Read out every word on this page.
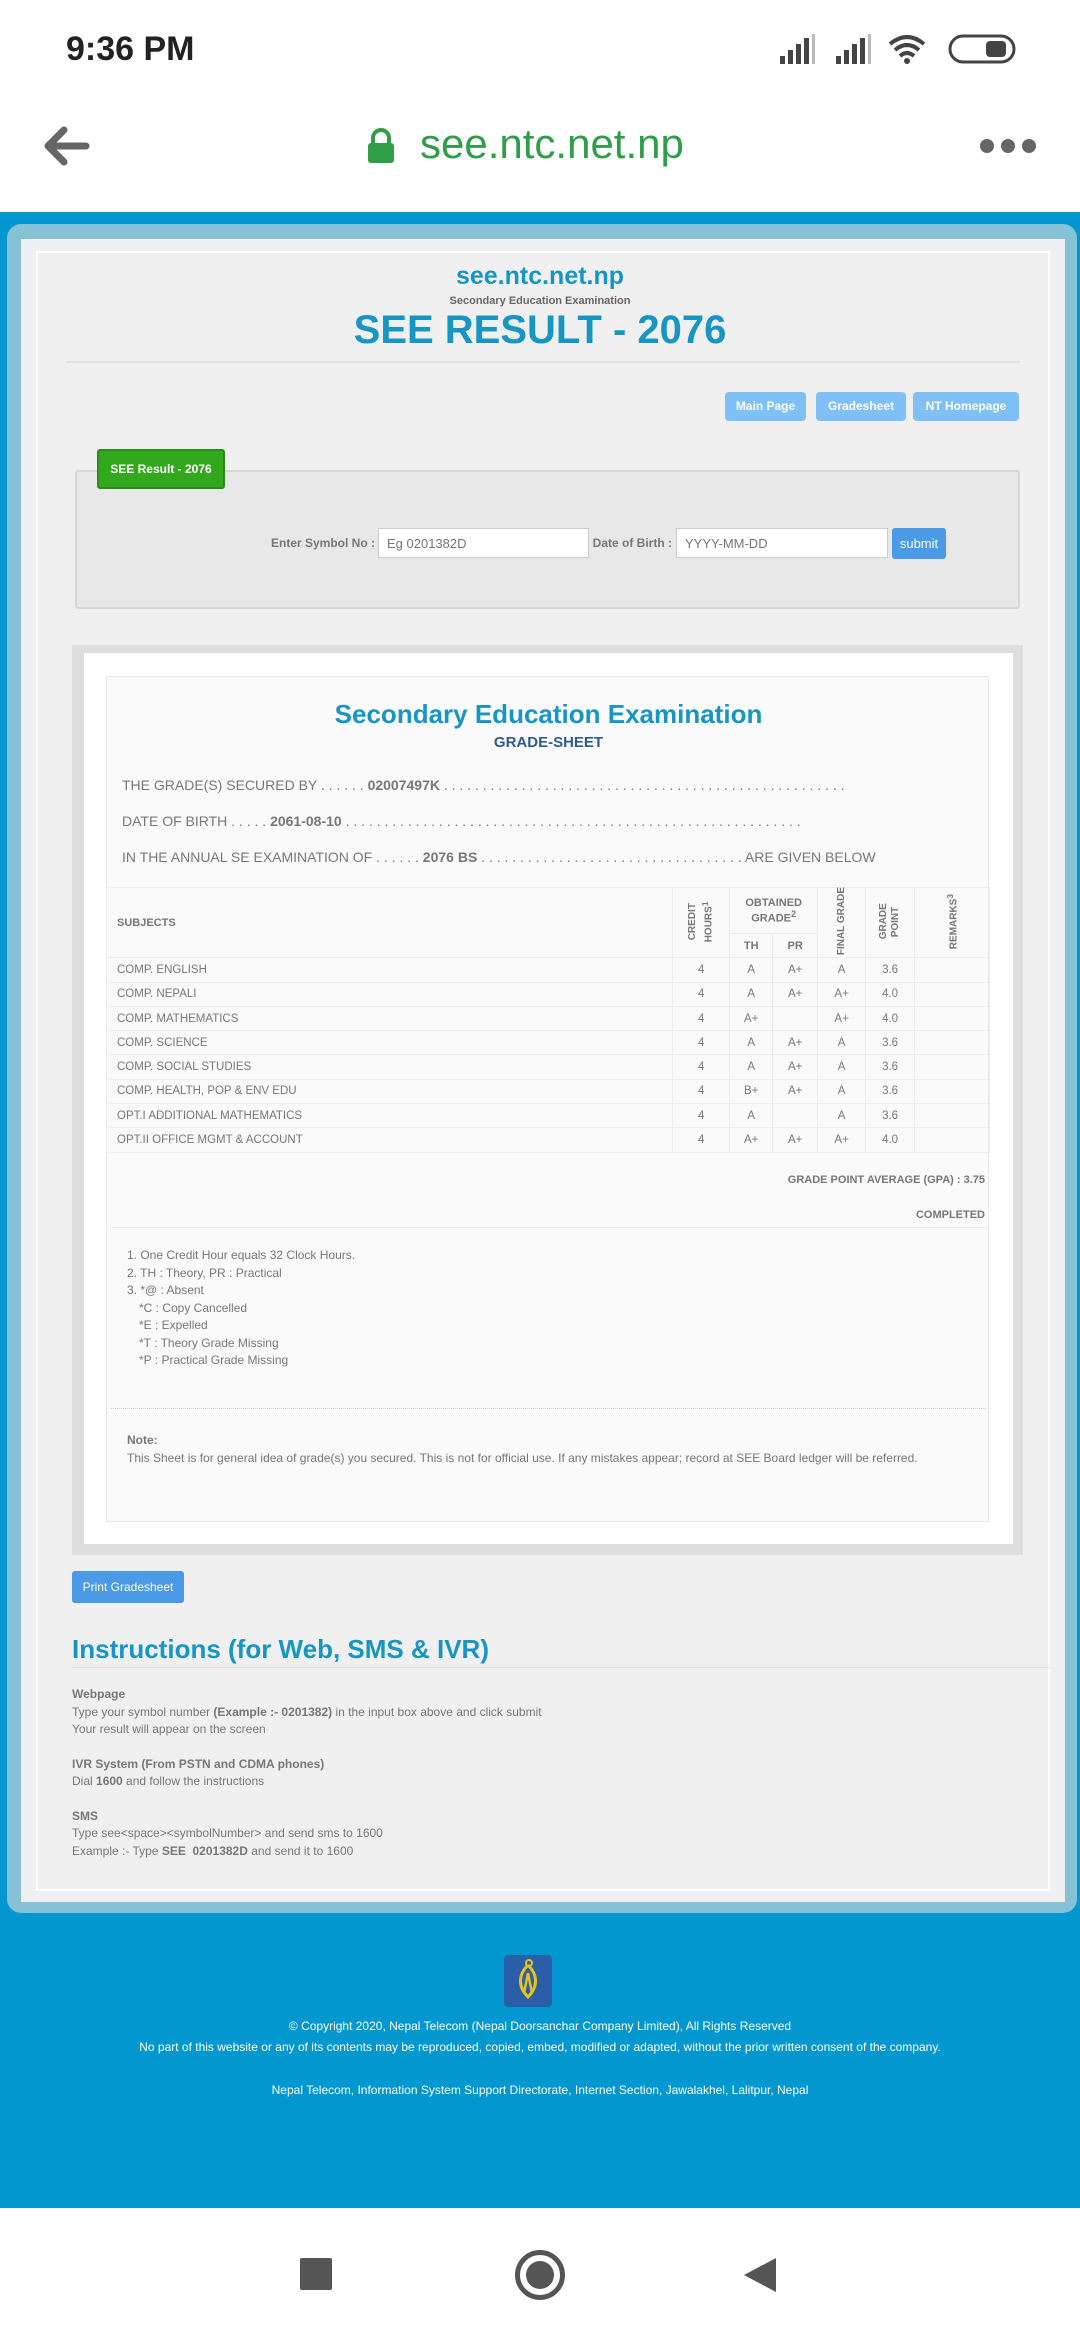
9:36 PM
see.ntc.net.np
see.ntc.net.np
Secondary Education Examination
SEE RESULT - 2076
Main Page	Gradesheet	NT Homepage
SEE Result - 2076
Enter Symbol No :
Eg 0201382D	Date of Birth :
YYYY-MM-DD	submit
Secondary Education Examination
GRADE-SHEET
THE GRADE(S) SECURED BY . . . . . . 02007497K . . . . . . . . . . . . . . . . . . . . . . . . . . . . . . . . . . . . . . . . . . . . . . . . . . . .
DATE OF BIRTH . . . . . 2061-08-10 . . . . . . . . . . . . . . . . . . . . . . . . . . . . . . . . . . . . . . . . . . . . . . . . . . . . . . . . . . .
IN THE ANNUAL SE EXAMINATION OF . . . . . . 2076 BS . . . . . . . . . . . . . . . . . . . . . . . . . . . . . . . . . . ARE GIVEN BELOW
SUBJECTS	CREDIT HOURS$^1$	OBTAINED GRADE$^2$		FINAL GRADE	GRADE POINT	REMARKS$^3$
		TH	PR			
COMP. ENGLISH	4	A	A+	A	3.6	
COMP. NEPALI	4	A	A+	A+	4.0	
COMP. MATHEMATICS	4	A+		A+	4.0	
COMP. SCIENCE	4	A	A+	A	3.6	
COMP. SOCIAL STUDIES	4	A	A+	A	3.6	
COMP. HEALTH, POP & ENV EDU	4	B+	A+	A	3.6	
OPT.I ADDITIONAL MATHEMATICS	4	A		A	3.6	
OPT.II OFFICE MGMT & ACCOUNT	4	A+	A+	A+	4.0	
GRADE POINT AVERAGE (GPA) : 3.75
COMPLETED
1. One Credit Hour equals 32 Clock Hours.
2. TH : Theory, PR : Practical
3. *@ : Absent
*C : Copy Cancelled
*E : Expelled
*T : Theory Grade Missing
*P : Practical Grade Missing
Note:
This Sheet is for general idea of grade(s) you secured. This is not for official use. If any mistakes appear; record at SEE Board ledger will be referred.
Print Gradesheet
Instructions (for Web, SMS & IVR)
Webpage
Type your symbol number (Example :- 0201382) in the input box above and click submit
Your result will appear on the screen
IVR System (From PSTN and CDMA phones)
Dial 1600 and follow the instructions
SMS
Type see<space><symbolNumber> and send sms to 1600
Example :- Type SEE  0201382D and send it to 1600
© Copyright 2020, Nepal Telecom (Nepal Doorsanchar Company Limited), All Rights Reserved
No part of this website or any of its contents may be reproduced, copied, embed, modified or adapted, without the prior written consent of the company.
Nepal Telecom, Information System Support Directorate, Internet Section, Jawalakhel, Lalitpur, Nepal
